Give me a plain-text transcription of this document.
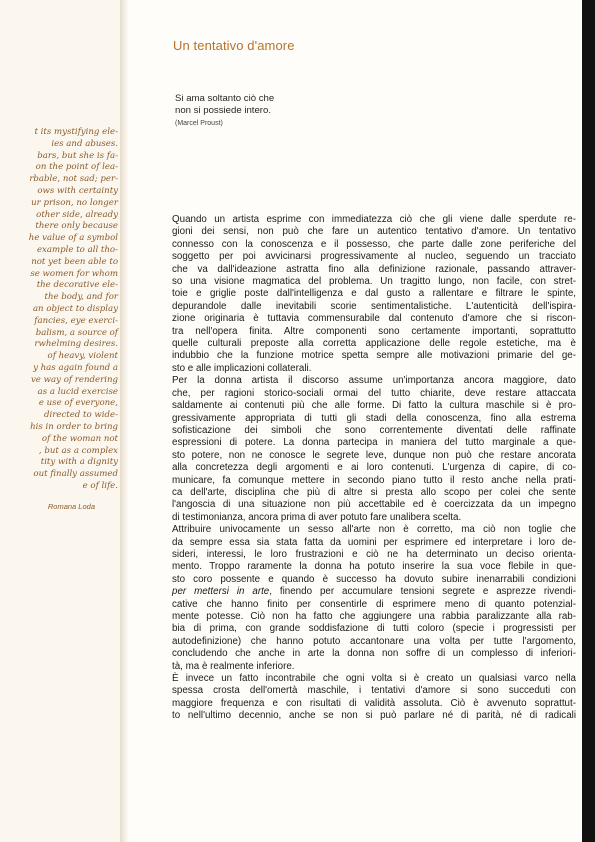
t its mystifying ele-
ies and abuses.
bars, but she is fa-
on the point of lea-
rbable, not sad; per-
ows with certainty
ur prison, no longer
other side, already
there only because
he value of a symbol
example to all tho-
not yet been able to
se women for whom
the decorative ele-
the body, and for
an object to display
fancies, eye exerci-
balism, a source of
rwhelming desires.
of heavy, violent
y has again found a
ve way of rendering
as a lucid exercise
e use of everyone,
directed to wide-
his in order to bring
of the woman not
, but as a complex
tity with a dignity
out finally assumed
e of life.
Romana Loda
Un tentativo d'amore
Si ama soltanto ciò che
non si possiede intero.
(Marcel Proust)
Quando un artista esprime con immediatezza ciò che gli viene dalle sperdute re-
gioni dei sensi, non può che fare un autentico tentativo d'amore. Un tentativo
connesso con la conoscenza e il possesso, che parte dalle zone periferiche del
soggetto per poi avvicinarsi progressivamente al nucleo, seguendo un tracciato
che va dall'ideazione astratta fino alla definizione razionale, passando attraver-
so una visione magmatica del problema. Un tragitto lungo, non facile, con stret-
toie e griglie poste dall'intelligenza e dal gusto a rallentare e filtrare le spinte,
depurandole dalle inevitabili scorie sentimentalistiche. L'autenticità dell'ispira-
zione originaria è tuttavia commensurabile dal contenuto d'amore che si riscon-
tra nell'opera finita. Altre componenti sono certamente importanti, soprattutto
quelle culturali preposte alla corretta applicazione delle regole estetiche, ma è
indubbio che la funzione motrice spetta sempre alle motivazioni primarie del ge-
sto e alle implicazioni collaterali.
Per la donna artista il discorso assume un'importanza ancora maggiore, dato
che, per ragioni storico-sociali ormai del tutto chiarite, deve restare attaccata
saldamente ai contenuti più che alle forme. Di fatto la cultura maschile si è pro-
gressivamente appropriata di tutti gli stadi della conoscenza, fino alla estrema
sofisticazione dei simboli che sono correntemente diventati delle raffinate
espressioni di potere. La donna partecipa in maniera del tutto marginale a que-
sto potere, non ne conosce le segrete leve, dunque non può che restare ancorata
alla concretezza degli argomenti e ai loro contenuti. L'urgenza di capire, di co-
municare, fa comunque mettere in secondo piano tutto il resto anche nella prati-
ca dell'arte, disciplina che più di altre si presta allo scopo per colei che sente
l'angoscia di una situazione non più accettabile ed è coercizzata da un impegno
di testimonianza, ancora prima di aver potuto fare unalibera scelta.
Attribuire univocamente un sesso all'arte non è corretto, ma ciò non toglie che
da sempre essa sia stata fatta da uomini per esprimere ed interpretare i loro de-
sideri, interessi, le loro frustrazioni e ciò ne ha determinato un deciso orienta-
mento. Troppo raramente la donna ha potuto inserire la sua voce flebile in que-
sto coro possente e quando è successo ha dovuto subire inenarrabili condizioni
per mettersi in arte, finendo per accumulare tensioni segrete e asprezze rivendi-
cative che hanno finito per consentirle di esprimere meno di quanto potenzial-
mente potesse. Ciò non ha fatto che aggiungere una rabbia paralizzante alla rab-
bia di prima, con grande soddisfazione di tutti coloro (specie i progressisti per
autodefinizione) che hanno potuto accantonare una volta per tutte l'argomento,
concludendo che anche in arte la donna non soffre di un complesso di inferiori-
tà, ma è realmente inferiore.
È invece un fatto incontrabile che ogni volta si è creato un qualsiasi varco nella
spessa crosta dell'omertà maschile, i tentativi d'amore si sono succeduti con
maggiore frequenza e con risultati di validità assoluta. Ciò è avvenuto soprattut-
to nell'ultimo decennio, anche se non si può parlare né di parità, né di radicali
